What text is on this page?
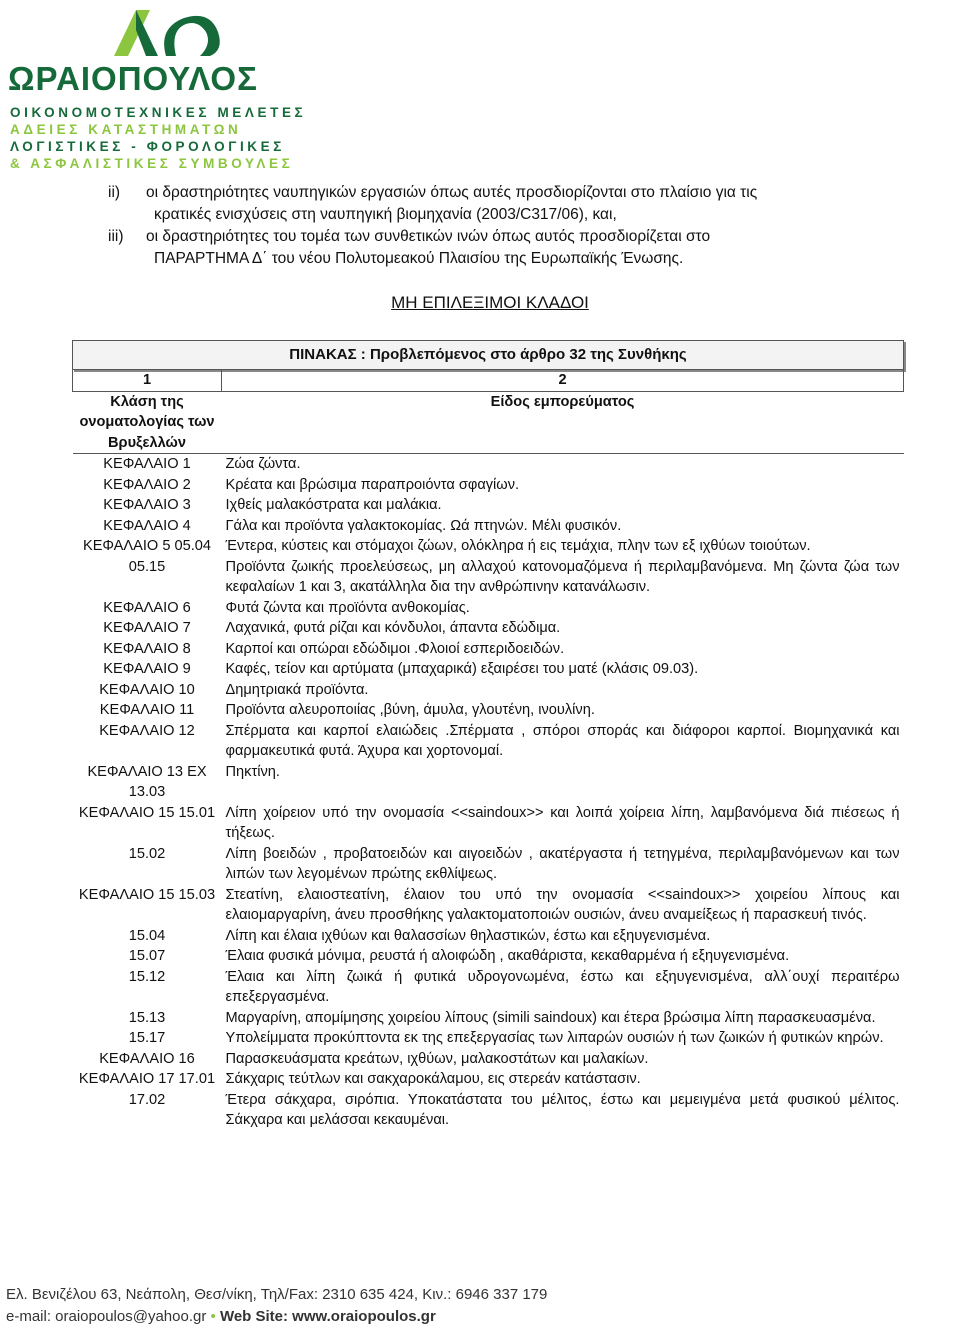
ΩΡΑΙΟΠΟΥΛΟΣ
ΟΙΚΟΝΟΜΟΤΕΧΝΙΚΕΣ ΜΕΛΕΤΕΣ
ΑΔΕΙΕΣ ΚΑΤΑΣΤΗΜΑΤΩΝ
ΛΟΓΙΣΤΙΚΕΣ - ΦΟΡΟΛΟΓΙΚΕΣ
& ΑΣΦΑΛΙΣΤΙΚΕΣ ΣΥΜΒΟΥΛΕΣ
ii)	οι δραστηριότητες ναυπηγικών εργασιών όπως αυτές προσδιορίζονται στο πλαίσιο για τις
κρατικές ενισχύσεις στη ναυπηγική βιομηχανία (2003/C317/06), και,
iii)	οι δραστηριότητες του τομέα των συνθετικών ινών όπως αυτός προσδιορίζεται στο
ΠΑΡΑΡΤΗΜΑ Δ΄ του νέου Πολυτομεακού Πλαισίου της Ευρωπαϊκής Ένωσης.
ΜΗ ΕΠΙΛΕΞΙΜΟΙ ΚΛΑΔΟΙ
ΠΙΝΑΚΑΣ : Προβλεπόμενος στο άρθρο 32 της Συνθήκης
1	2
Κλάση της ονοματολογίας των Βρυξελλών	Είδος εμπορεύματος
ΚΕΦΑΛΑΙΟ 1	Ζώα ζώντα.
ΚΕΦΑΛΑΙΟ 2	Κρέατα και βρώσιμα παραπροιόντα σφαγίων.
ΚΕΦΑΛΑΙΟ 3	Ιχθείς μαλακόστρατα και μαλάκια.
ΚΕΦΑΛΑΙΟ 4	Γάλα και προϊόντα γαλακτοκομίας. Ωά πτηνών. Μέλι φυσικόν.
ΚΕΦΑΛΑΙΟ 5 05.04	Έντερα, κύστεις και στόμαχοι ζώων, ολόκληρα ή εις τεμάχια, πλην των εξ ιχθύων τοιούτων.
05.15	Προϊόντα ζωικής προελεύσεως, μη αλλαχού κατονομαζόμενα ή περιλαμβανόμενα. Μη ζώντα ζώα των κεφαλαίων 1 και 3, ακατάλληλα δια την ανθρώπινην κατανάλωσιν.
ΚΕΦΑΛΑΙΟ 6	Φυτά ζώντα και προϊόντα ανθοκομίας.
ΚΕΦΑΛΑΙΟ 7	Λαχανικά, φυτά ρίζαι και κόνδυλοι, άπαντα εδώδιμα.
ΚΕΦΑΛΑΙΟ 8	Καρποί και οπώραι εδώδιμοι .Φλοιοί εσπεριδοειδών.
ΚΕΦΑΛΑΙΟ 9	Καφές, τείον και αρτύματα (μπαχαρικά) εξαιρέσει του ματέ (κλάσις 09.03).
ΚΕΦΑΛΑΙΟ 10	Δημητριακά προϊόντα.
ΚΕΦΑΛΑΙΟ 11	Προϊόντα αλευροποιίας ,βύνη, άμυλα, γλουτένη, ινουλίνη.
ΚΕΦΑΛΑΙΟ 12	Σπέρματα και καρποί ελαιώδεις .Σπέρματα , σπόροι σποράς και διάφοροι καρποί. Βιομηχανικά και φαρμακευτικά φυτά. Άχυρα και χορτονομαί.
ΚΕΦΑΛΑΙΟ 13 ΕΧ 13.03	Πηκτίνη.
ΚΕΦΑΛΑΙΟ 15 15.01	Λίπη χοίρειον υπό την ονομασία <<saindoux>> και λοιπά χοίρεια λίπη, λαμβανόμενα διά πιέσεως ή τήξεως.
15.02	Λίπη βοειδών , προβατοειδών και αιγοειδών , ακατέργαστα ή τετηγμένα, περιλαμβανόμενων και των λιπών των λεγομένων πρώτης εκθλίψεως.
ΚΕΦΑΛΑΙΟ 15 15.03	Στεατίνη, ελαιοστεατίνη, έλαιον του υπό την ονομασία <<saindoux>> χοιρείου λίπους και ελαιομαργαρίνη, άνευ προσθήκης γαλακτοματοποιών ουσιών, άνευ αναμείξεως ή παρασκευή τινός.
15.04	Λίπη και έλαια ιχθύων και θαλασσίων θηλαστικών, έστω και εξηυγενισμένα.
15.07	Έλαια φυσικά μόνιμα, ρευστά ή αλοιφώδη , ακαθάριστα, κεκαθαρμένα ή εξηυγενισμένα.
15.12	Έλαια και λίπη ζωικά ή φυτικά υδρογονωμένα, έστω και εξηυγενισμένα, αλλ΄ουχί περαιτέρω επεξεργασμένα.
15.13	Μαργαρίνη, απομίμησης χοιρείου λίπους (simili saindoux) και έτερα βρώσιμα λίπη παρασκευασμένα.
15.17	Υπολείμματα προκύπτοντα εκ της επεξεργασίας των λιπαρών ουσιών ή των ζωικών ή φυτικών κηρών.
ΚΕΦΑΛΑΙΟ 16	Παρασκευάσματα κρεάτων, ιχθύων, μαλακοστάτων και μαλακίων.
ΚΕΦΑΛΑΙΟ 17 17.01	Σάκχαρις τεύτλων και σακχαροκάλαμου, εις στερεάν κατάστασιν.
17.02	Έτερα σάκχαρα, σιρόπια. Υποκατάστατα του μέλιτος, έστω και μεμειγμένα μετά φυσικού μέλιτος. Σάκχαρα και μελάσσαι κεκαυμέναι.
Ελ. Βενιζέλου 63, Νεάπολη, Θεσ/νίκη, Τηλ/Fax: 2310 635 424, Κιν.: 6946 337 179
e-mail: oraiopoulos@yahoo.gr • Web Site: www.oraiopoulos.gr
